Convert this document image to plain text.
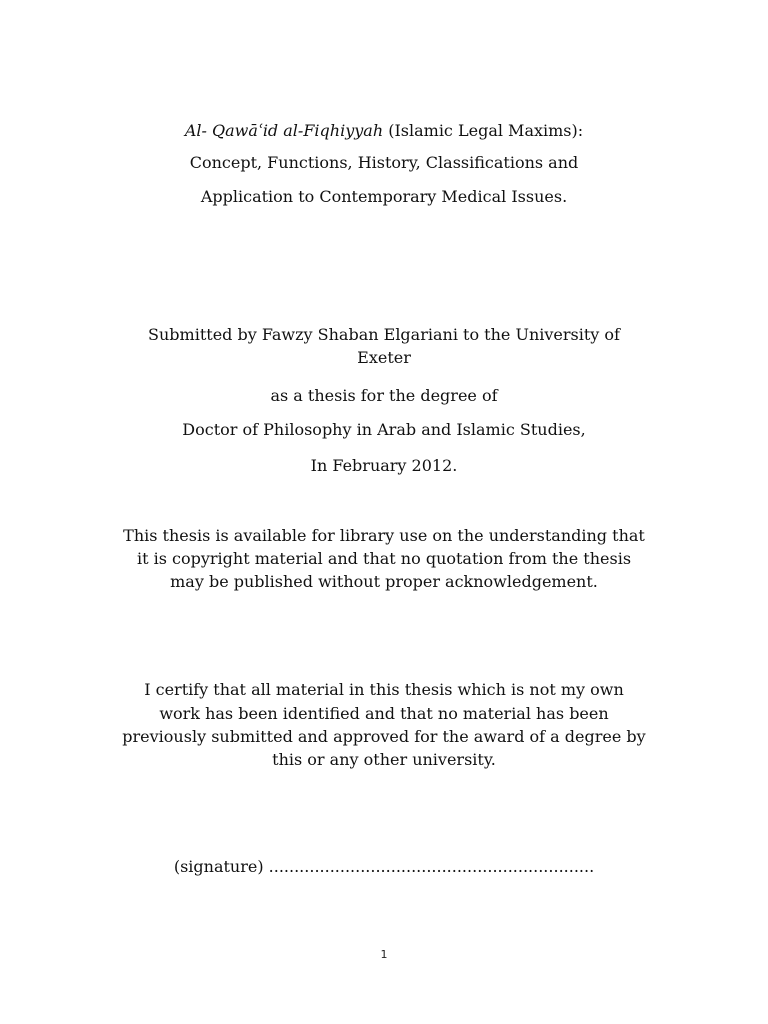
Al- Qawāʿid al-Fiqhiyyah (Islamic Legal Maxims):
Concept, Functions, History, Classifications and
Application to Contemporary Medical Issues.
Submitted by Fawzy Shaban Elgariani to the University of
Exeter
as a thesis for the degree of
Doctor of Philosophy in Arab and Islamic Studies,
In February 2012.
This thesis is available for library use on the understanding that
it is copyright material and that no quotation from the thesis
may be published without proper acknowledgement.
I certify that all material in this thesis which is not my own
work has been identified and that no material has been
previously submitted and approved for the award of a degree by
this or any other university.
(signature) ................................................................
1
